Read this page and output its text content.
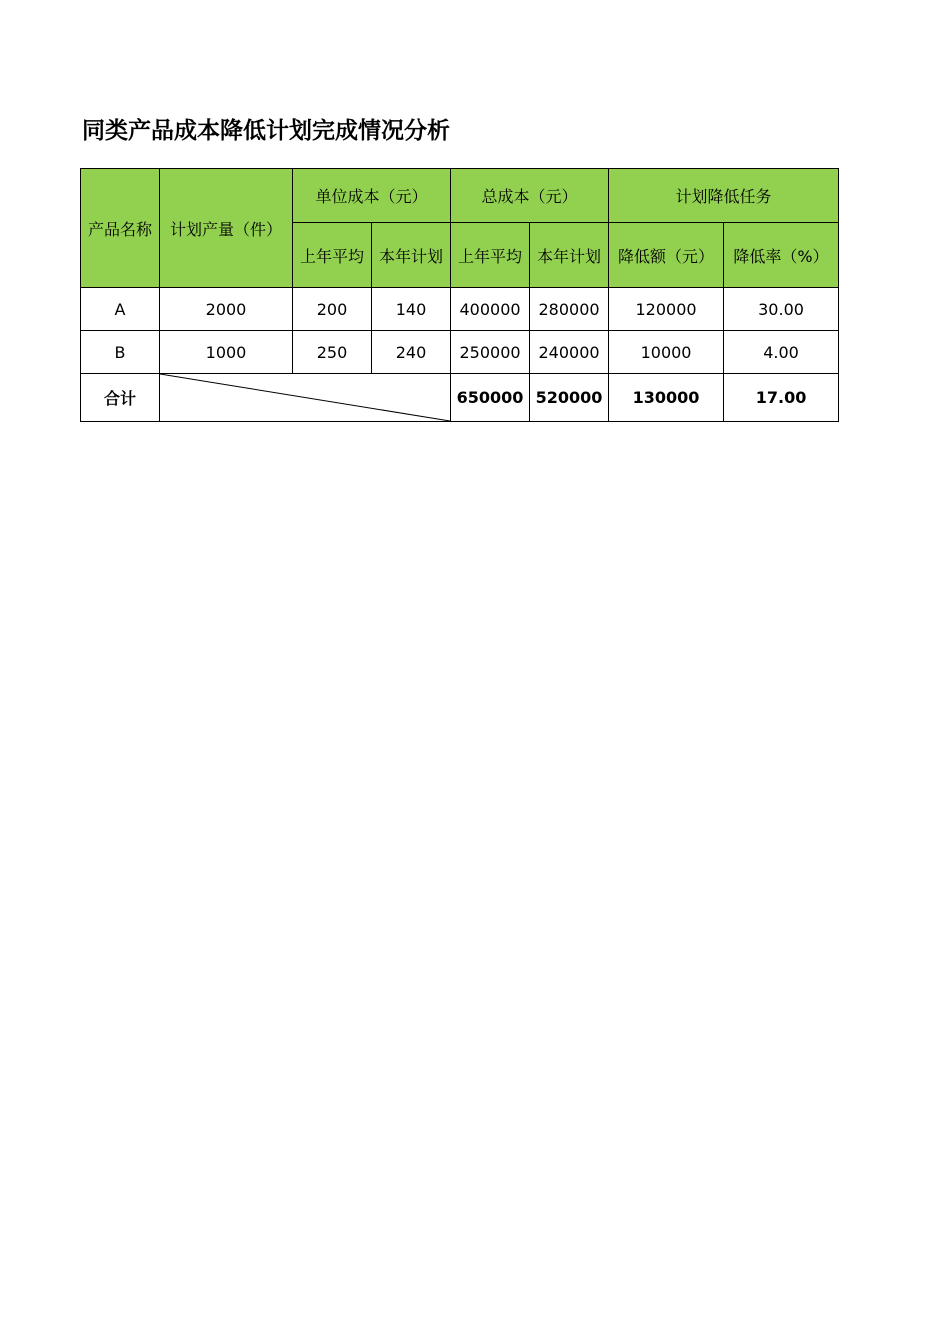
同类产品成本降低计划完成情况分析
产品名称	计划产量（件）	单位成本（元）		总成本（元）		计划降低任务	
		上年平均	本年计划	上年平均	本年计划	降低额（元）	降低率（%）
A	2000	200	140	400000	280000	120000	30.00
B	1000	250	240	250000	240000	10000	4.00
合计				650000	520000	130000	17.00
